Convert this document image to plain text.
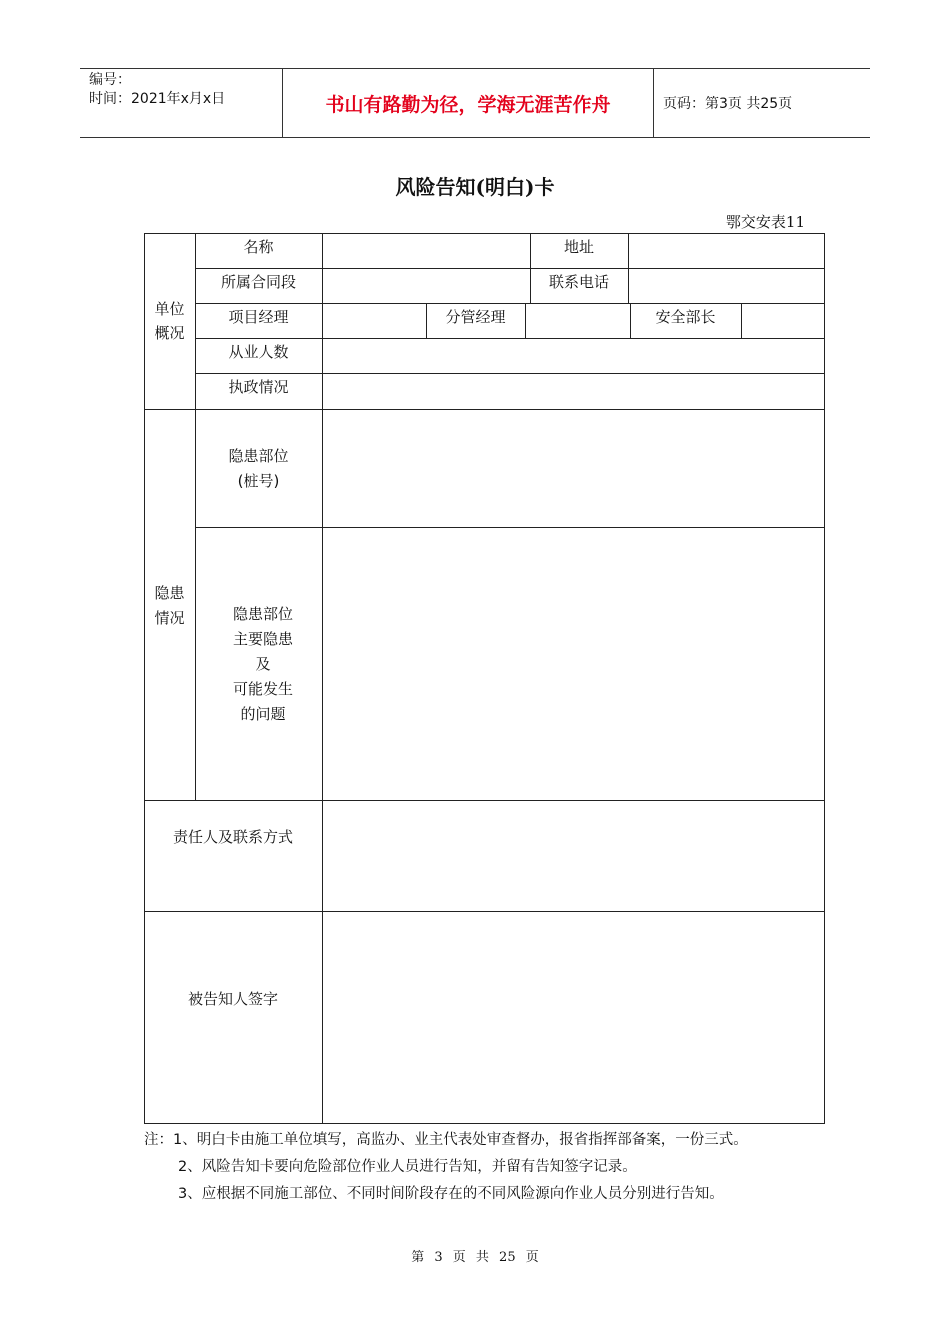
编号：
时间：2021年x月x日	书山有路勤为径，学海无涯苦作舟	页码：第3页 共25页
风险告知(明白)卡
鄂交安表11
单位
概况
名称	地址
所属合同段	联系电话
项目经理	分管经理	安全部长
从业人数
执政情况
隐患
情况
隐患部位
(桩号)
隐患部位
主要隐患
及
可能发生
的问题
责任人及联系方式
被告知人签字

注：1、明白卡由施工单位填写，高监办、业主代表处审查督办，报省指挥部备案，一份三式。

2、风险告知卡要向危险部位作业人员进行告知，并留有告知签字记录。

3、应根据不同施工部位、不同时间阶段存在的不同风险源向作业人员分别进行告知。

第 3 页 共 25 页
